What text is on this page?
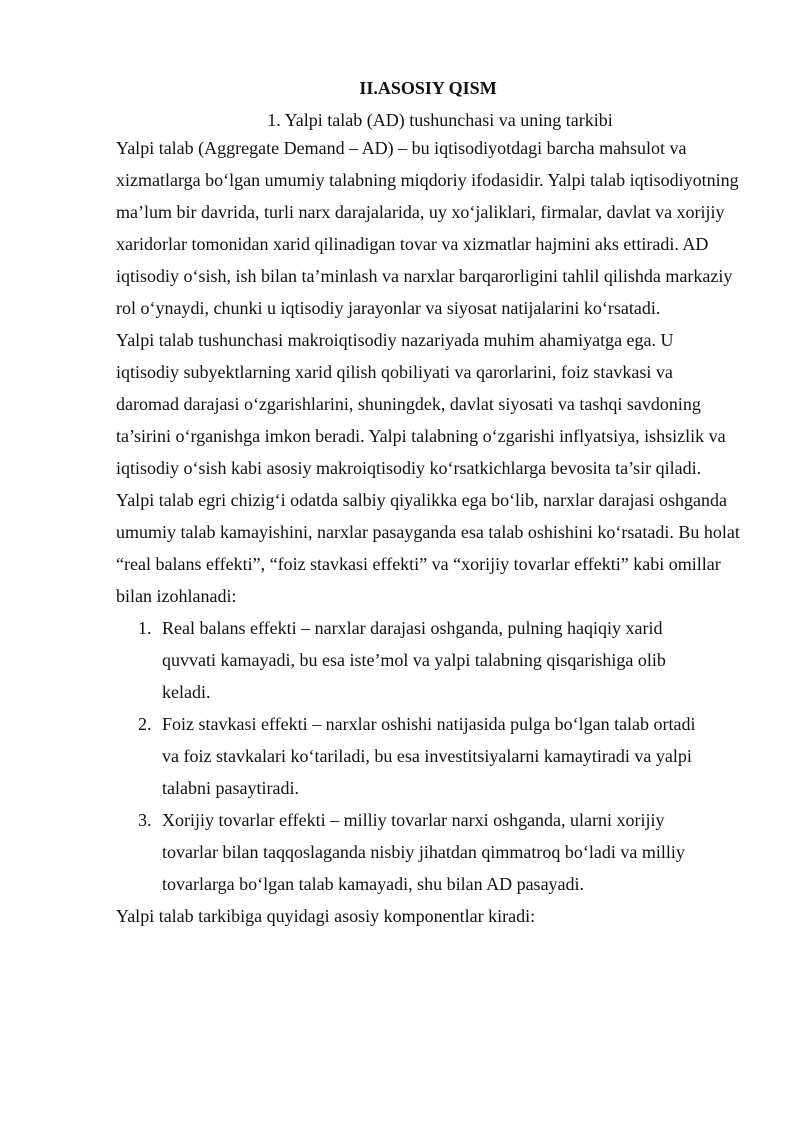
II.ASOSIY QISM
1. Yalpi talab (AD) tushunchasi va uning tarkibi

Yalpi talab (Aggregate Demand – AD) – bu iqtisodiyotdagi barcha mahsulot va xizmatlarga bo‘lgan umumiy talabning miqdoriy ifodasidir. Yalpi talab iqtisodiyotning ma’lum bir davrida, turli narx darajalarida, uy xo‘jaliklari, firmalar, davlat va xorijiy xaridorlar tomonidan xarid qilinadigan tovar va xizmatlar hajmini aks ettiradi. AD iqtisodiy o‘sish, ish bilan ta’minlash va narxlar barqarorligini tahlil qilishda markaziy rol o‘ynaydi, chunki u iqtisodiy jarayonlar va siyosat natijalarini ko‘rsatadi.

Yalpi talab tushunchasi makroiqtisodiy nazariyada muhim ahamiyatga ega. U iqtisodiy subyektlarning xarid qilish qobiliyati va qarorlarini, foiz stavkasi va daromad darajasi o‘zgarishlarini, shuningdek, davlat siyosati va tashqi savdoning ta’sirini o‘rganishga imkon beradi. Yalpi talabning o‘zgarishi inflyatsiya, ishsizlik va iqtisodiy o‘sish kabi asosiy makroiqtisodiy ko‘rsatkichlarga bevosita ta’sir qiladi.

Yalpi talab egri chizig‘i odatda salbiy qiyalikka ega bo‘lib, narxlar darajasi oshganda umumiy talab kamayishini, narxlar pasayganda esa talab oshishini ko‘rsatadi. Bu holat “real balans effekti”, “foiz stavkasi effekti” va “xorijiy tovarlar effekti” kabi omillar bilan izohlanadi:

1. Real balans effekti – narxlar darajasi oshganda, pulning haqiqiy xarid quvvati kamayadi, bu esa iste’mol va yalpi talabning qisqarishiga olib keladi.
2. Foiz stavkasi effekti – narxlar oshishi natijasida pulga bo‘lgan talab ortadi va foiz stavkalari ko‘tariladi, bu esa investitsiyalarni kamaytiradi va yalpi talabni pasaytiradi.
3. Xorijiy tovarlar effekti – milliy tovarlar narxi oshganda, ularni xorijiy tovarlar bilan taqqoslaganda nisbiy jihatdan qimmatroq bo‘ladi va milliy tovarlarga bo‘lgan talab kamayadi, shu bilan AD pasayadi.

Yalpi talab tarkibiga quyidagi asosiy komponentlar kiradi:
